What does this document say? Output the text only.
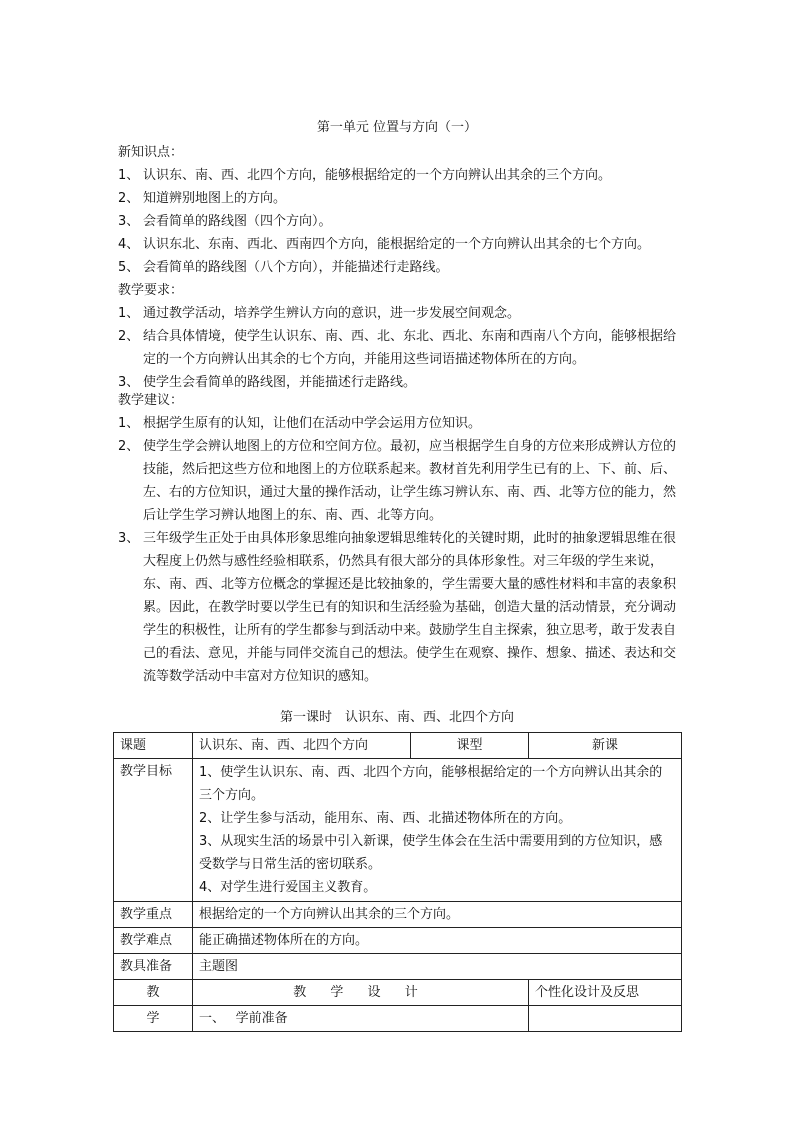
第一单元 位置与方向（一）
新知识点：
1、 认识东、南、西、北四个方向，能够根据给定的一个方向辨认出其余的三个方向。
2、 知道辨别地图上的方向。
3、 会看简单的路线图（四个方向）。
4、 认识东北、东南、西北、西南四个方向，能根据给定的一个方向辨认出其余的七个方向。
5、 会看简单的路线图（八个方向），并能描述行走路线。
教学要求：
1、 通过教学活动，培养学生辨认方向的意识，进一步发展空间观念。
2、 结合具体情境，使学生认识东、南、西、北、东北、西北、东南和西南八个方向，能够根据给定的一个方向辨认出其余的七个方向，并能用这些词语描述物体所在的方向。
3、 使学生会看简单的路线图，并能描述行走路线。
教学建议：
1、 根据学生原有的认知，让他们在活动中学会运用方位知识。
2、 使学生学会辨认地图上的方位和空间方位。最初，应当根据学生自身的方位来形成辨认方位的技能，然后把这些方位和地图上的方位联系起来。教材首先利用学生已有的上、下、前、后、左、右的方位知识，通过大量的操作活动，让学生练习辨认东、南、西、北等方位的能力，然后让学生学习辨认地图上的东、南、西、北等方向。
3、 三年级学生正处于由具体形象思维向抽象逻辑思维转化的关键时期，此时的抽象逻辑思维在很大程度上仍然与感性经验相联系，仍然具有很大部分的具体形象性。对三年级的学生来说，东、南、西、北等方位概念的掌握还是比较抽象的，学生需要大量的感性材料和丰富的表象积累。因此，在教学时要以学生已有的知识和生活经验为基础，创造大量的活动情景，充分调动学生的积极性，让所有的学生都参与到活动中来。鼓励学生自主探索，独立思考，敢于发表自己的看法、意见，并能与同伴交流自己的想法。使学生在观察、操作、想象、描述、表达和交流等数学活动中丰富对方位知识的感知。
第一课时　认识东、南、西、北四个方向
课题	认识东、南、西、北四个方向	课型	新课
教学目标	1、使学生认识东、南、西、北四个方向，能够根据给定的一个方向辨认出其余的三个方向。
2、让学生参与活动，能用东、南、西、北描述物体所在的方向。
3、从现实生活的场景中引入新课，使学生体会在生活中需要用到的方位知识，感受数学与日常生活的密切联系。
4、对学生进行爱国主义教育。		

教学重点	根据给定的一个方向辨认出其余的三个方向。		
教学难点	能正确描述物体所在的方向。		
教具准备	主题图		
教	教 学 设 计		个性化设计及反思
学	一、　 学前准备		
